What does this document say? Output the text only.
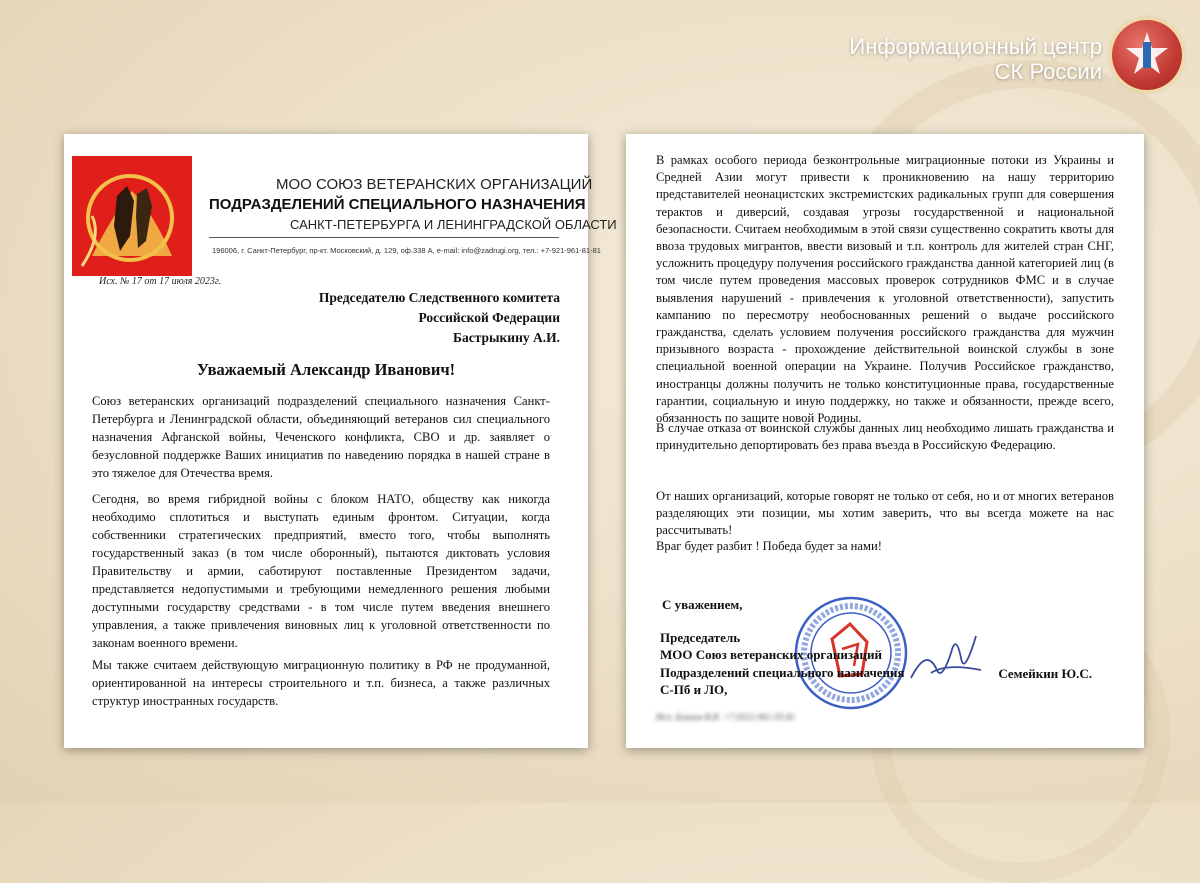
Информационный центр
СК России
МОО СОЮЗ ВЕТЕРАНСКИХ ОРГАНИЗАЦИЙ
ПОДРАЗДЕЛЕНИЙ СПЕЦИАЛЬНОГО НАЗНАЧЕНИЯ
САНКТ-ПЕТЕРБУРГА И ЛЕНИНГРАДСКОЙ ОБЛАСТИ
196006, г. Санкт-Петербург, пр-кт. Московский, д. 129, оф.338 А, e-mail: info@zadrugi.org, тел.: +7-921-961-81-81
Исх. № 17 от 17 июля 2023г.
Председателю Следственного комитета
Российской Федерации
Бастрыкину А.И.
Уважаемый Александр Иванович!

Союз ветеранских организаций подразделений специального назначения Санкт-Петербурга и Ленинградской области, объединяющий ветеранов сил специального назначения Афганской войны, Чеченского конфликта, СВО и др. заявляет о безусловной поддержке Ваших инициатив по наведению порядка в нашей стране в это тяжелое для Отечества время.

Сегодня, во время гибридной войны с блоком НАТО, обществу как никогда необходимо сплотиться и выступать единым фронтом. Ситуации, когда собственники стратегических предприятий, вместо того, чтобы выполнять государственный заказ (в том числе оборонный), пытаются диктовать условия Правительству и армии, саботируют поставленные Президентом задачи, представляется недопустимыми и требующими немедленного решения любыми доступными государству средствами - в том числе путем введения внешнего управления, а также привлечения виновных лиц к уголовной ответственности по законам военного времени.

Мы также считаем действующую миграционную политику в РФ не продуманной, ориентированной на интересы строительного и т.п. бизнеса, а также различных структур иностранных государств.

В рамках особого периода безконтрольные миграционные потоки из Украины и Средней Азии могут привести к проникновению на нашу территорию представителей неонацистских экстремистских радикальных групп для совершения терактов и диверсий, создавая угрозы государственной и национальной безопасности. Считаем необходимым в этой связи существенно сократить квоты для ввоза трудовых мигрантов, ввести визовый и т.п. контроль для жителей стран СНГ, усложнить процедуру получения российского гражданства данной категорией лиц (в том числе путем проведения массовых проверок сотрудников ФМС и в случае выявления нарушений - привлечения к уголовной ответственности), запустить кампанию по пересмотру необоснованных решений о выдаче российского гражданства, сделать условием получения российского гражданства для мужчин призывного возраста - прохождение действительной воинской службы в зоне специальной военной операции на Украине. Получив Российское гражданство, иностранцы должны получить не только конституционные права, государственные гарантии, социальную и иную поддержку, но также и обязанности, прежде всего, обязанность по защите новой Родины.

В случае отказа от воинской службы данных лиц необходимо лишать гражданства и принудительно депортировать без права въезда в Российскую Федерацию.

От наших организаций, которые говорят не только от себя, но и от многих ветеранов разделяющих эти позиции, мы хотим заверить, что вы всегда можете на нас рассчитывать!

Враг будет разбит ! Победа будет за нами!

С уважением,
Председатель
МОО Союз ветеранских организаций
Подразделений специального назначения
С-Пб и ЛО,
Семейкин Ю.С.
Исп. Блинов В.И. +7 (921) 961-55-81
